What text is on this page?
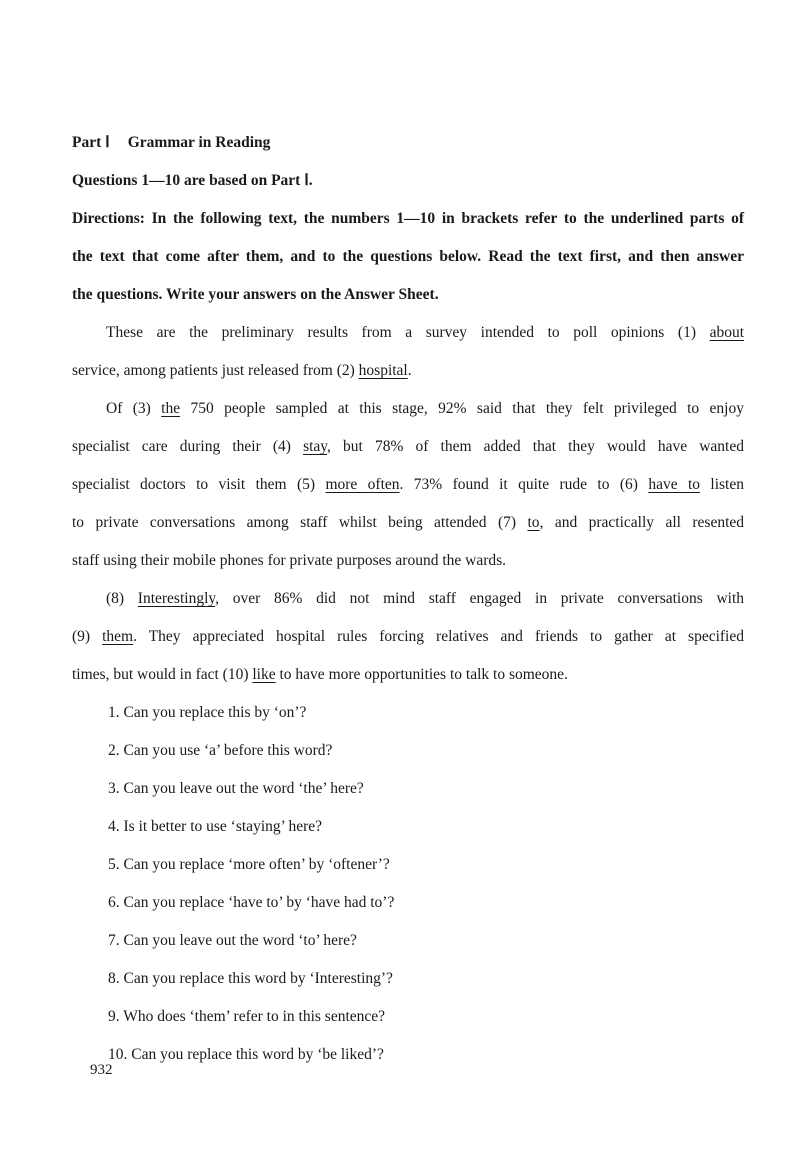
Part Ⅰ Grammar in Reading
Questions 1—10 are based on Part Ⅰ.
Directions: In the following text, the numbers 1—10 in brackets refer to the underlined parts of
the text that come after them, and to the questions below. Read the text first, and then answer
the questions. Write your answers on the Answer Sheet.
These are the preliminary results from a survey intended to poll opinions (1) about
service, among patients just released from (2) hospital.
Of (3) the 750 people sampled at this stage, 92% said that they felt privileged to enjoy
specialist care during their (4) stay, but 78% of them added that they would have wanted
specialist doctors to visit them (5) more often. 73% found it quite rude to (6) have to listen
to private conversations among staff whilst being attended (7) to, and practically all resented
staff using their mobile phones for private purposes around the wards.
(8) Interestingly, over 86% did not mind staff engaged in private conversations with
(9) them. They appreciated hospital rules forcing relatives and friends to gather at specified
times, but would in fact (10) like to have more opportunities to talk to someone.
1. Can you replace this by ‘on’?
2. Can you use ‘a’ before this word?
3. Can you leave out the word ‘the’ here?
4. Is it better to use ‘staying’ here?
5. Can you replace ‘more often’ by ‘oftener’?
6. Can you replace ‘have to’ by ‘have had to’?
7. Can you leave out the word ‘to’ here?
8. Can you replace this word by ‘Interesting’?
9. Who does ‘them’ refer to in this sentence?
10. Can you replace this word by ‘be liked’?
932
